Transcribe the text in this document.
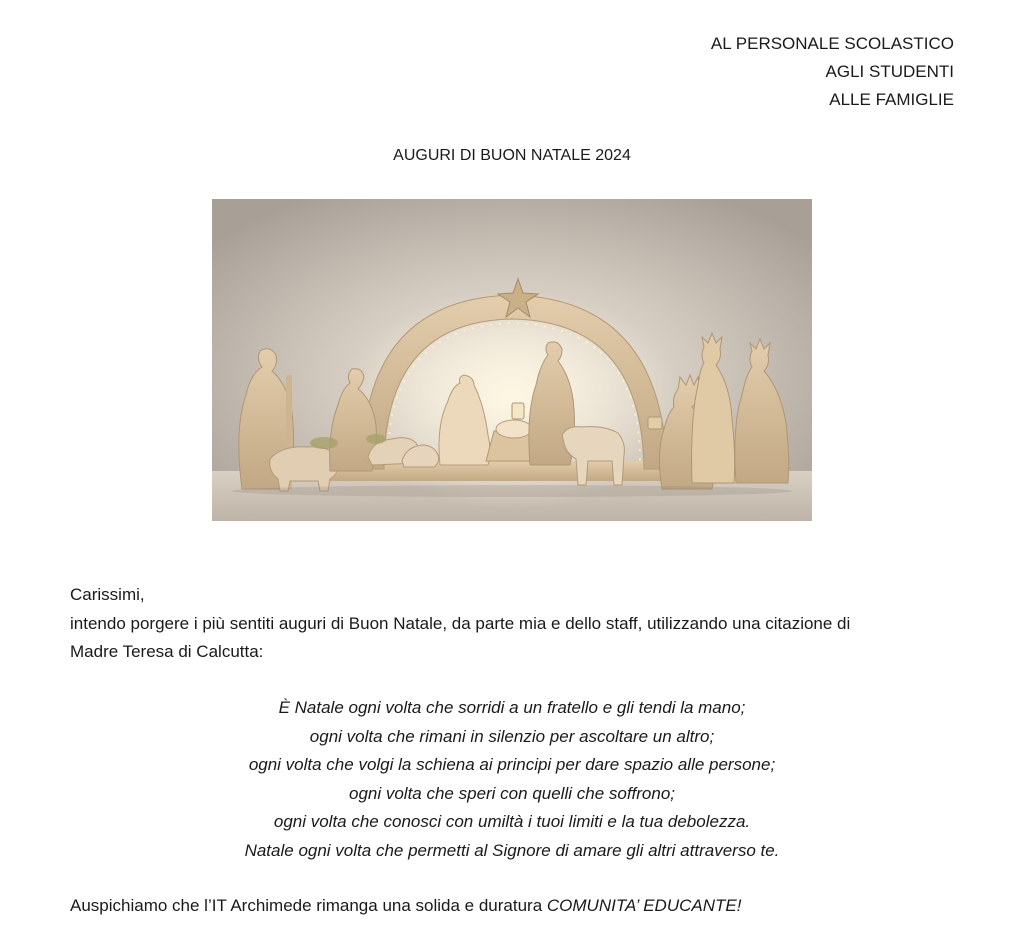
AL PERSONALE SCOLASTICO
AGLI STUDENTI
ALLE FAMIGLIE
AUGURI DI BUON NATALE 2024
Carissimi,
intendo porgere i più sentiti auguri di Buon Natale, da parte mia e dello staff, utilizzando una citazione di
Madre Teresa di Calcutta:
È Natale ogni volta che sorridi a un fratello e gli tendi la mano;
ogni volta che rimani in silenzio per ascoltare un altro;
ogni volta che volgi la schiena ai principi per dare spazio alle persone;
ogni volta che speri con quelli che soffrono;
ogni volta che conosci con umiltà i tuoi limiti e la tua debolezza.
Natale ogni volta che permetti al Signore di amare gli altri attraverso te.
Auspichiamo che l’IT Archimede rimanga una solida e duratura COMUNITA’ EDUCANTE!
